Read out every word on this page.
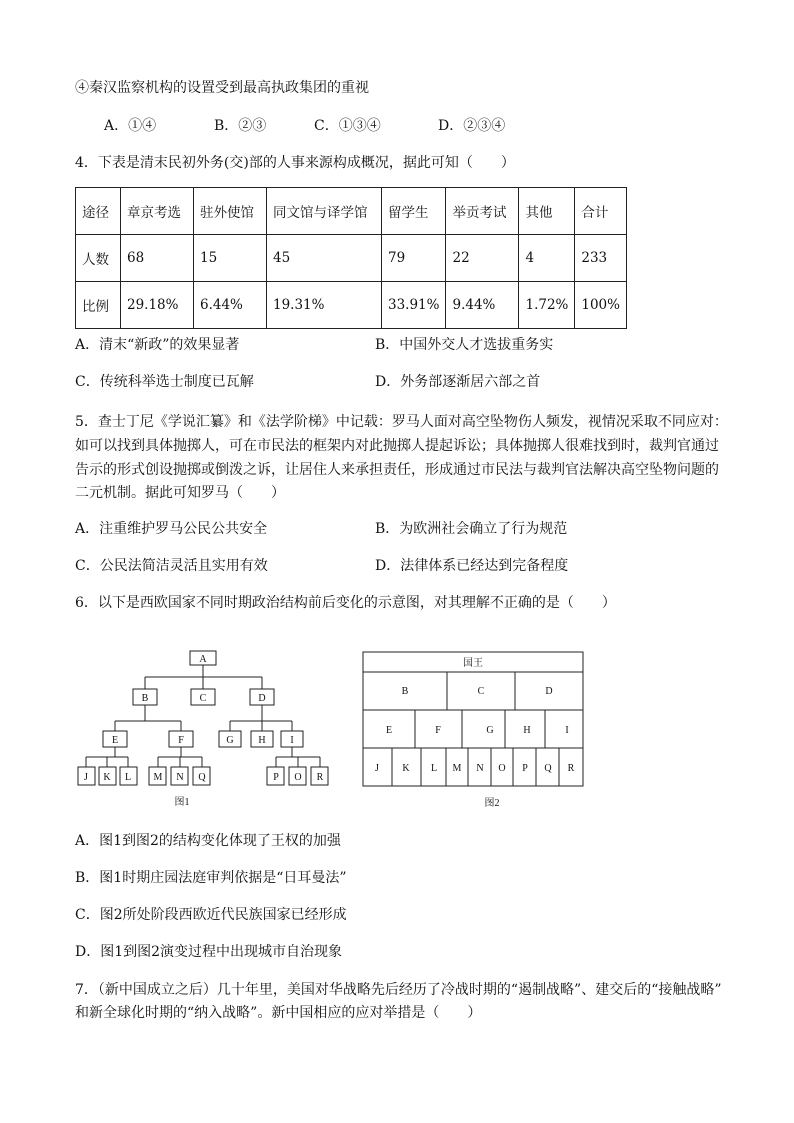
④秦汉监察机构的设置受到最高执政集团的重视
A．①④	B．②③	C．①③④	D．②③④
4．下表是清末民初外务(交)部的人事来源构成概况，据此可知（　　）
途径	章京考选	驻外使馆	同文馆与译学馆	留学生	举贡考试	其他	合计
人数	68	15	45	79	22	4	233
比例	29.18%	6.44%	19.31%	33.91%	9.44%	1.72%	100%
A．清末“新政”的效果显著	B．中国外交人才选拔重务实
C．传统科举选士制度已瓦解	D．外务部逐渐居六部之首
5．查士丁尼《学说汇纂》和《法学阶梯》中记载：罗马人面对高空坠物伤人频发，视情况采取不同应对：
如可以找到具体抛掷人，可在市民法的框架内对此抛掷人提起诉讼；具体抛掷人很难找到时，裁判官通过
告示的形式创设抛掷或倒泼之诉，让居住人来承担责任，形成通过市民法与裁判官法解决高空坠物问题的
二元机制。据此可知罗马（　　）
A．注重维护罗马公民公共安全	B．为欧洲社会确立了行为规范
C．公民法简洁灵活且实用有效	D．法律体系已经达到完备程度
6．以下是西欧国家不同时期政治结构前后变化的示意图，对其理解不正确的是（　　）
A
B	C	D
E	F	G H I
J K L M N Q	P O R
图1
国王
B	C	D
E	F	G	H	I
J K L M N O P Q R
图2
A．图1到图2的结构变化体现了王权的加强
B．图1时期庄园法庭审判依据是“日耳曼法”
C．图2所处阶段西欧近代民族国家已经形成
D．图1到图2演变过程中出现城市自治现象
7．（新中国成立之后）几十年里，美国对华战略先后经历了冷战时期的“遏制战略”、建交后的“接触战略”
和新全球化时期的“纳入战略”。新中国相应的应对举措是（　　）
